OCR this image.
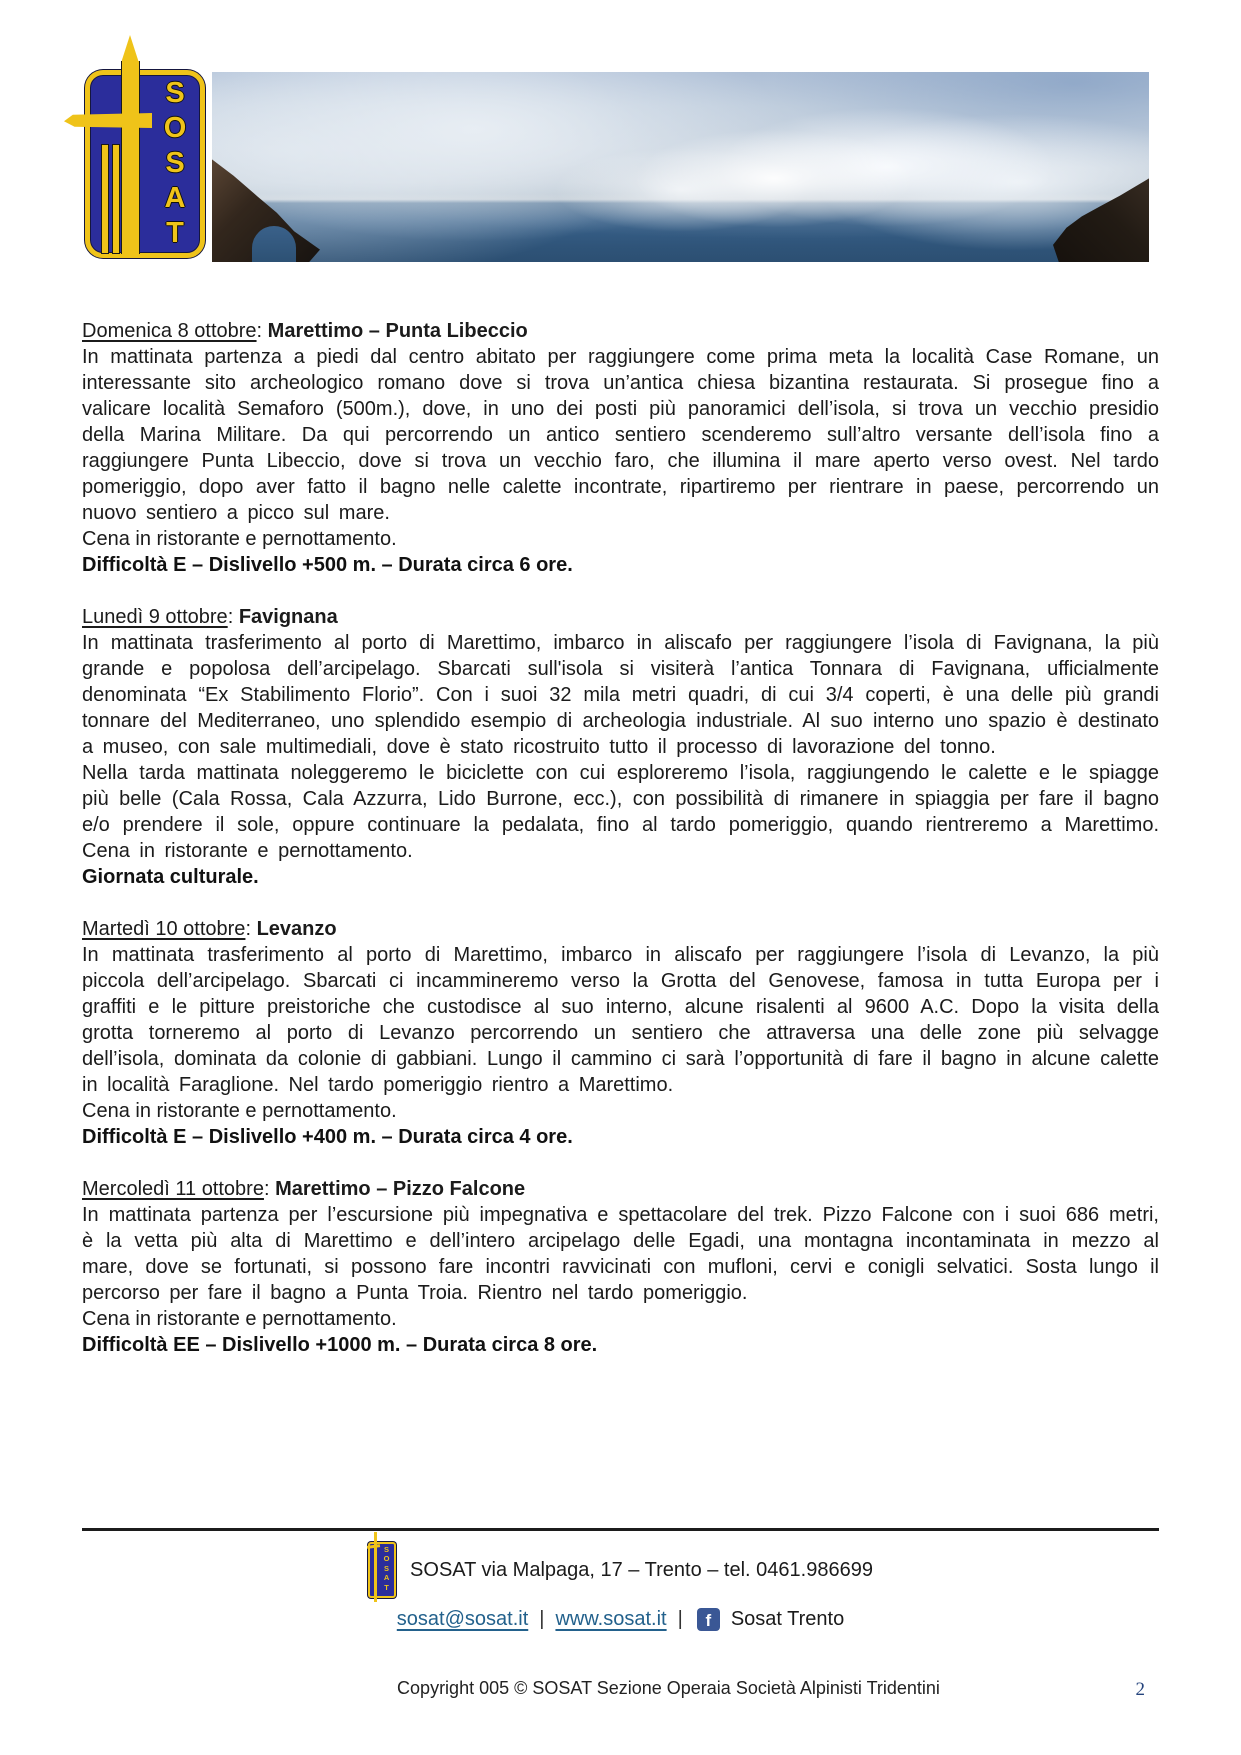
S
O
S
A
T
Domenica 8 ottobre: Marettimo – Punta Libeccio

In mattinata partenza a piedi dal centro abitato per raggiungere come prima meta la località Case Romane, un interessante sito archeologico romano dove si trova un’antica chiesa bizantina restaurata. Si prosegue fino a valicare località Semaforo (500m.), dove, in uno dei posti più panoramici dell’isola, si trova un vecchio presidio della Marina Militare. Da qui percorrendo un antico sentiero scenderemo sull’altro versante dell’isola fino a raggiungere Punta Libeccio, dove si trova un vecchio faro, che illumina il mare aperto verso ovest. Nel tardo pomeriggio, dopo aver fatto il bagno nelle calette incontrate, ripartiremo per rientrare in paese, percorrendo un nuovo sentiero a picco sul mare.

Cena in ristorante e pernottamento.

Difficoltà E – Dislivello +500 m. – Durata circa 6 ore.

Lunedì 9 ottobre: Favignana

In mattinata trasferimento al porto di Marettimo, imbarco in aliscafo per raggiungere l’isola di Favignana, la più grande e popolosa dell’arcipelago. Sbarcati sull'isola si visiterà l’antica Tonnara di Favignana, ufficialmente denominata “Ex Stabilimento Florio”. Con i suoi 32 mila metri quadri, di cui 3/4 coperti, è una delle più grandi tonnare del Mediterraneo, uno splendido esempio di archeologia industriale. Al suo interno uno spazio è destinato a museo, con sale multimediali, dove è stato ricostruito tutto il processo di lavorazione del tonno.

Nella tarda mattinata noleggeremo le biciclette con cui esploreremo l’isola, raggiungendo le calette e le spiagge più belle (Cala Rossa, Cala Azzurra, Lido Burrone, ecc.), con possibilità di rimanere in spiaggia per fare il bagno e/o prendere il sole, oppure continuare la pedalata, fino al tardo pomeriggio, quando rientreremo a Marettimo. Cena in ristorante e pernottamento.

Giornata culturale.

Martedì 10 ottobre: Levanzo

In mattinata trasferimento al porto di Marettimo, imbarco in aliscafo per raggiungere l’isola di Levanzo, la più piccola dell’arcipelago. Sbarcati ci incammineremo verso la Grotta del Genovese, famosa in tutta Europa per i graffiti e le pitture preistoriche che custodisce al suo interno, alcune risalenti al 9600 A.C. Dopo la visita della grotta torneremo al porto di Levanzo percorrendo un sentiero che attraversa una delle zone più selvagge dell’isola, dominata da colonie di gabbiani. Lungo il cammino ci sarà l’opportunità di fare il bagno in alcune calette in località Faraglione. Nel tardo pomeriggio rientro a Marettimo.

Cena in ristorante e pernottamento.

Difficoltà E – Dislivello +400 m. – Durata circa 4 ore.

Mercoledì 11 ottobre: Marettimo – Pizzo Falcone

In mattinata partenza per l’escursione più impegnativa e spettacolare del trek. Pizzo Falcone con i suoi 686 metri, è la vetta più alta di Marettimo e dell’intero arcipelago delle Egadi, una montagna incontaminata in mezzo al mare, dove se fortunati, si possono fare incontri ravvicinati con mufloni, cervi e conigli selvatici. Sosta lungo il percorso per fare il bagno a Punta Troia. Rientro nel tardo pomeriggio.

Cena in ristorante e pernottamento.

Difficoltà EE – Dislivello +1000 m. – Durata circa 8 ore.

S
O
S
A
T
SOSAT via Malpaga, 17 – Trento – tel. 0461.986699
sosat@sosat.it | www.sosat.it |	f Sosat Trento
Copyright 005 © SOSAT Sezione Operaia Società Alpinisti Tridentini	2
